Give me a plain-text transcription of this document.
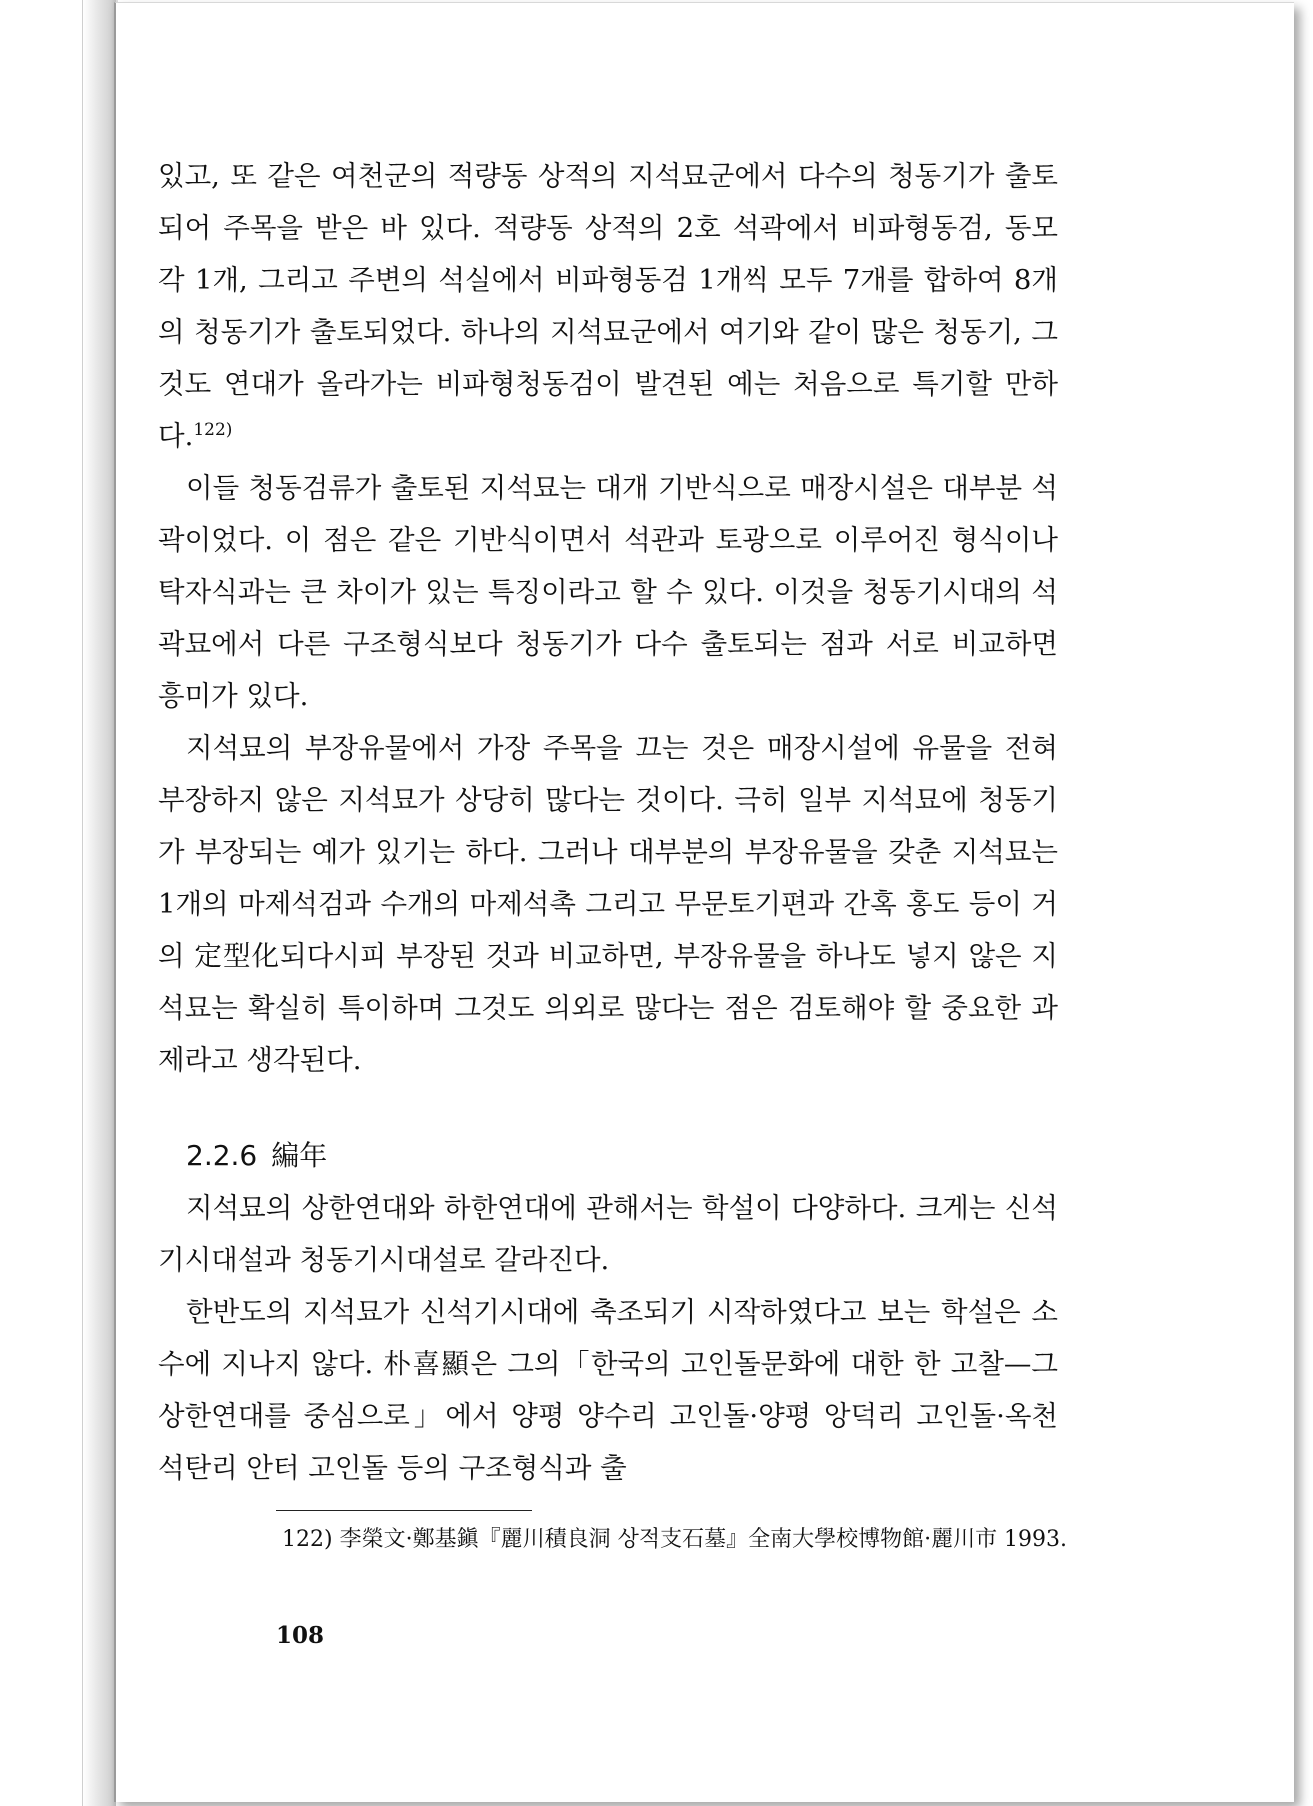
있고, 또 같은 여천군의 적량동 상적의 지석묘군에서 다수의 청동기가 출토되어 주목을 받은 바 있다. 적량동 상적의 2호 석곽에서 비파형동검, 동모 각 1개, 그리고 주변의 석실에서 비파형동검 1개씩 모두 7개를 합하여 8개의 청동기가 출토되었다. 하나의 지석묘군에서 여기와 같이 많은 청동기, 그것도 연대가 올라가는 비파형청동검이 발견된 예는 처음으로 특기할 만하다.$^{122)}$

이들 청동검류가 출토된 지석묘는 대개 기반식으로 매장시설은 대부분 석곽이었다. 이 점은 같은 기반식이면서 석관과 토광으로 이루어진 형식이나 탁자식과는 큰 차이가 있는 특징이라고 할 수 있다. 이것을 청동기시대의 석곽묘에서 다른 구조형식보다 청동기가 다수 출토되는 점과 서로 비교하면 흥미가 있다.

지석묘의 부장유물에서 가장 주목을 끄는 것은 매장시설에 유물을 전혀 부장하지 않은 지석묘가 상당히 많다는 것이다. 극히 일부 지석묘에 청동기가 부장되는 예가 있기는 하다. 그러나 대부분의 부장유물을 갖춘 지석묘는 1개의 마제석검과 수개의 마제석촉 그리고 무문토기편과 간혹 홍도 등이 거의 定型化되다시피 부장된 것과 비교하면, 부장유물을 하나도 넣지 않은 지석묘는 확실히 특이하며 그것도 의외로 많다는 점은 검토해야 할 중요한 과제라고 생각된다.

2.2.6 編年

지석묘의 상한연대와 하한연대에 관해서는 학설이 다양하다. 크게는 신석기시대설과 청동기시대설로 갈라진다.

한반도의 지석묘가 신석기시대에 축조되기 시작하였다고 보는 학설은 소수에 지나지 않다. 朴喜顯은 그의「한국의 고인돌문화에 대한 한 고찰—그 상한연대를 중심으로」에서 양평 양수리 고인돌·양평 앙덕리 고인돌·옥천 석탄리 안터 고인돌 등의 구조형식과 출

122) 李榮文·鄭基鎭『麗川積良洞 상적支石墓』全南大學校博物館·麗川市 1993.
108
